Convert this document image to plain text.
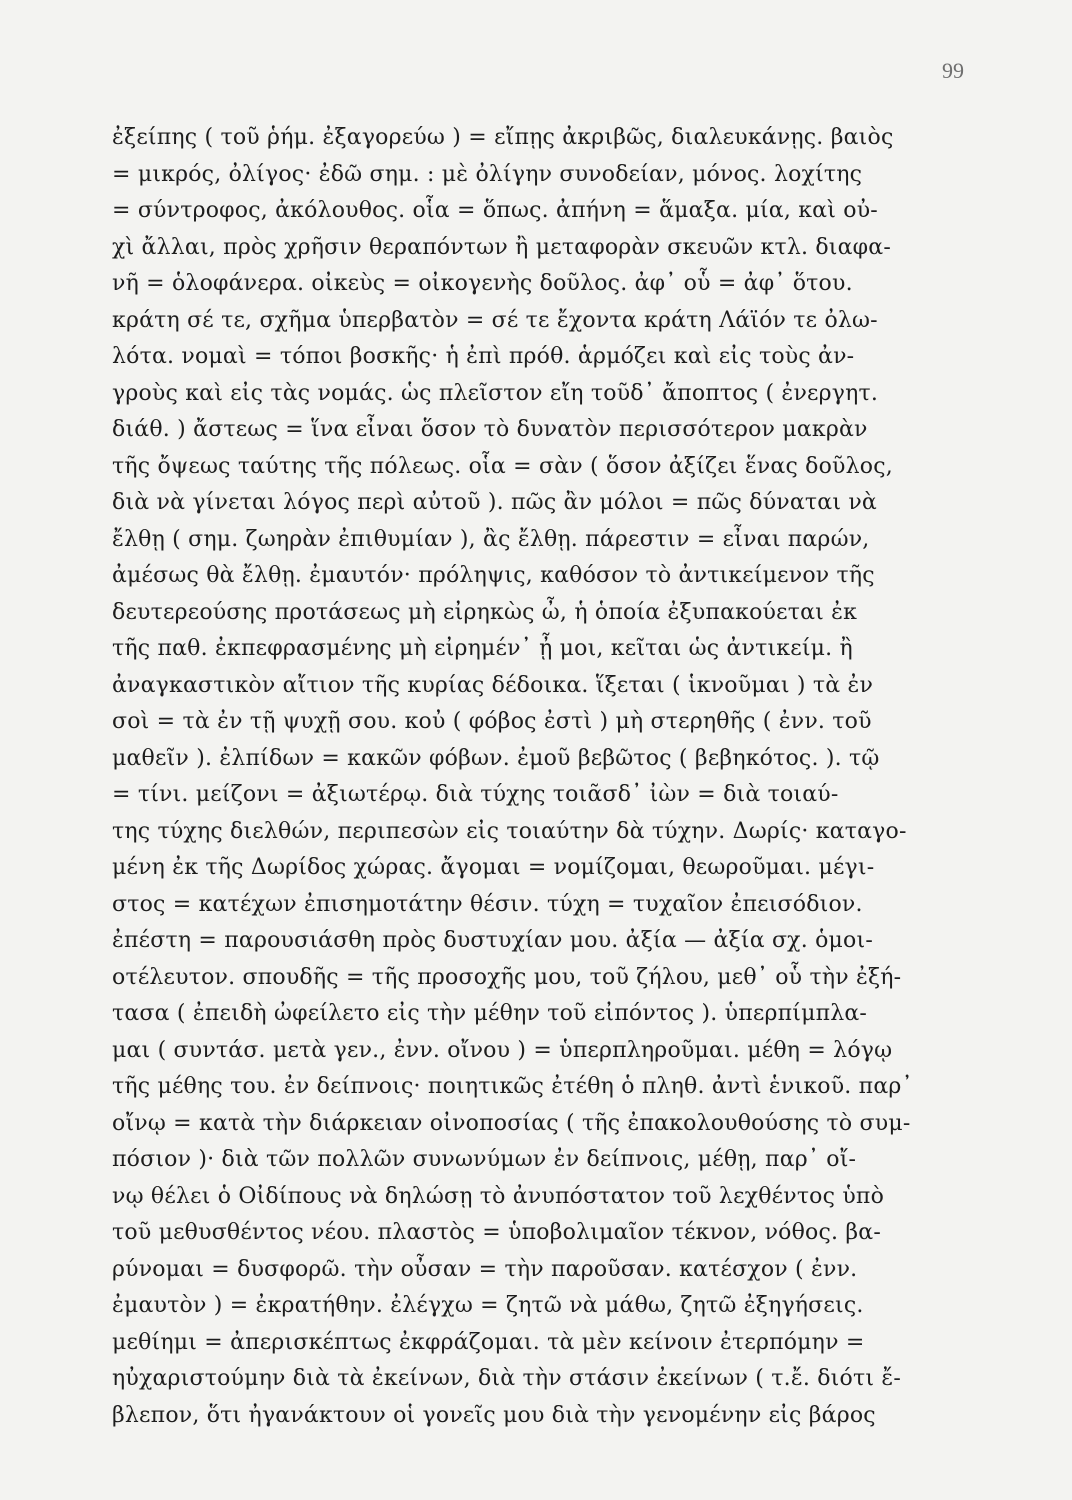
99
ἐξείπης ( τοῦ ῥήμ. ἐξαγορεύω ) = εἴπῃς ἀκριβῶς, διαλευκάνῃς. βαιὸς
= μικρός, ὀλίγος· ἐδῶ σημ. : μὲ ὀλίγην συνοδείαν, μόνος. λοχίτης
= σύντροφος, ἀκόλουθος. οἷα = ὅπως. ἀπήνη = ἅμαξα. μία, καὶ οὐ-
χὶ ἄλλαι, πρὸς χρῆσιν θεραπόντων ἢ μεταφορὰν σκευῶν κτλ. διαφα-
νῆ = ὁλοφάνερα. οἰκεὺς = οἰκογενὴς δοῦλος. ἀφ᾽ οὗ = ἀφ᾽ ὅτου.
κράτη σέ τε, σχῆμα ὑπερβατὸν = σέ τε ἔχοντα κράτη Λάϊόν τε ὀλω-
λότα. νομαὶ = τόποι βοσκῆς· ἡ ἐπὶ πρόθ. ἁρμόζει καὶ εἰς τοὺς ἀν-
γροὺς καὶ εἰς τὰς νομάς. ὡς πλεῖστον εἴη τοῦδ᾽ ἄποπτος ( ἐνεργητ.
διάθ. ) ἄστεως = ἵνα εἶναι ὅσον τὸ δυνατὸν περισσότερον μακρὰν
τῆς ὄψεως ταύτης τῆς πόλεως. οἷα = σὰν ( ὅσον ἀξίζει ἕνας δοῦλος,
διὰ νὰ γίνεται λόγος περὶ αὐτοῦ ). πῶς ἂν μόλοι = πῶς δύναται νὰ
ἔλθῃ ( σημ. ζωηρὰν ἐπιθυμίαν ), ἂς ἔλθῃ. πάρεστιν = εἶναι παρών,
ἀμέσως θὰ ἔλθῃ. ἐμαυτόν· πρόληψις, καθόσον τὸ ἀντικείμενον τῆς
δευτερεούσης προτάσεως μὴ εἰρηκὼς ὦ, ἡ ὁποία ἐξυπακούεται ἐκ
τῆς παθ. ἐκπεφρασμένης μὴ εἰρημέν᾽ ᾖ μοι, κεῖται ὡς ἀντικείμ. ἢ
ἀναγκαστικὸν αἴτιον τῆς κυρίας δέδοικα. ἵξεται ( ἱκνοῦμαι ) τὰ ἐν
σοὶ = τὰ ἐν τῇ ψυχῇ σου. κοὐ ( φόβος ἐστὶ ) μὴ στερηθῆς ( ἐνν. τοῦ
μαθεῖν ). ἐλπίδων = κακῶν φόβων. ἐμοῦ βεβῶτος ( βεβηκότος. ). τῷ
= τίνι. μείζονι = ἀξιωτέρῳ. διὰ τύχης τοιᾶσδ᾽ ἰὼν = διὰ τοιαύ-
της τύχης διελθών, περιπεσὼν εἰς τοιαύτην δὰ τύχην. Δωρίς· καταγο-
μένη ἐκ τῆς Δωρίδος χώρας. ἄγομαι = νομίζομαι, θεωροῦμαι. μέγι-
στος = κατέχων ἐπισημοτάτην θέσιν. τύχη = τυχαῖον ἐπεισόδιον.
ἐπέστη = παρουσιάσθη πρὸς δυστυχίαν μου. ἀξία — ἀξία σχ. ὁμοι-
οτέλευτον. σπουδῆς = τῆς προσοχῆς μου, τοῦ ζήλου, μεθ᾽ οὗ τὴν ἐξή-
τασα ( ἐπειδὴ ὠφείλετο εἰς τὴν μέθην τοῦ εἰπόντος ). ὑπερπίμπλα-
μαι ( συντάσ. μετὰ γεν., ἐνν. οἴνου ) = ὑπερπληροῦμαι. μέθη = λόγῳ
τῆς μέθης του. ἐν δείπνοις· ποιητικῶς ἐτέθη ὁ πληθ. ἀντὶ ἑνικοῦ. παρ᾽
οἴνῳ = κατὰ τὴν διάρκειαν οἰνοποσίας ( τῆς ἐπακολουθούσης τὸ συμ-
πόσιον )· διὰ τῶν πολλῶν συνωνύμων ἐν δείπνοις, μέθῃ, παρ᾽ οἴ-
νῳ θέλει ὁ Οἰδίπους νὰ δηλώσῃ τὸ ἀνυπόστατον τοῦ λεχθέντος ὑπὸ
τοῦ μεθυσθέντος νέου. πλαστὸς = ὑποβολιμαῖον τέκνον, νόθος. βα-
ρύνομαι = δυσφορῶ. τὴν οὖσαν = τὴν παροῦσαν. κατέσχον ( ἐνν.
ἐμαυτὸν ) = ἐκρατήθην. ἐλέγχω = ζητῶ νὰ μάθω, ζητῶ ἐξηγήσεις.
μεθίημι = ἀπερισκέπτως ἐκφράζομαι. τὰ μὲν κείνοιν ἐτερπόμην =
ηὐχαριστούμην διὰ τὰ ἐκείνων, διὰ τὴν στάσιν ἐκείνων ( τ.ἔ. διότι ἔ-
βλεπον, ὅτι ἠγανάκτουν οἱ γονεῖς μου διὰ τὴν γενομένην εἰς βάρος
